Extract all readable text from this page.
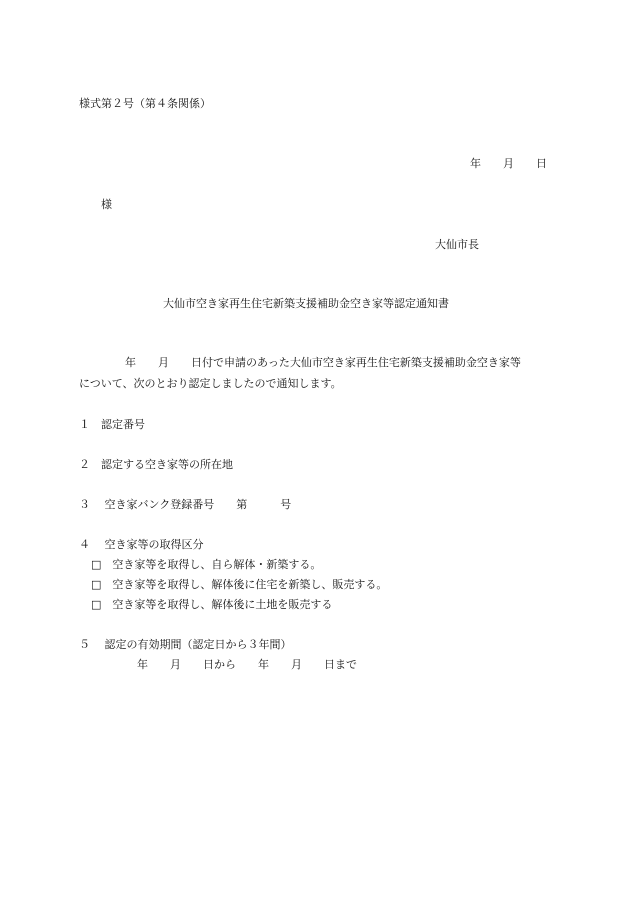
様式第２号（第４条関係）
年　　月　　日
様
大仙市長
大仙市空き家再生住宅新築支援補助金空き家等認定通知書
年　　月　　日付で申請のあった大仙市空き家再生住宅新築支援補助金空き家等
について、次のとおり認定しましたので通知します。
１　認定番号
２　認定する空き家等の所在地
３　 空き家バンク登録番号　　第　　　号
４　 空き家等の取得区分
□　空き家等を取得し、自ら解体・新築する。
□　空き家等を取得し、解体後に住宅を新築し、販売する。
□　空き家等を取得し、解体後に土地を販売する
５　 認定の有効期間（認定日から３年間）
年　　月　　日から　　年　　月　　日まで
